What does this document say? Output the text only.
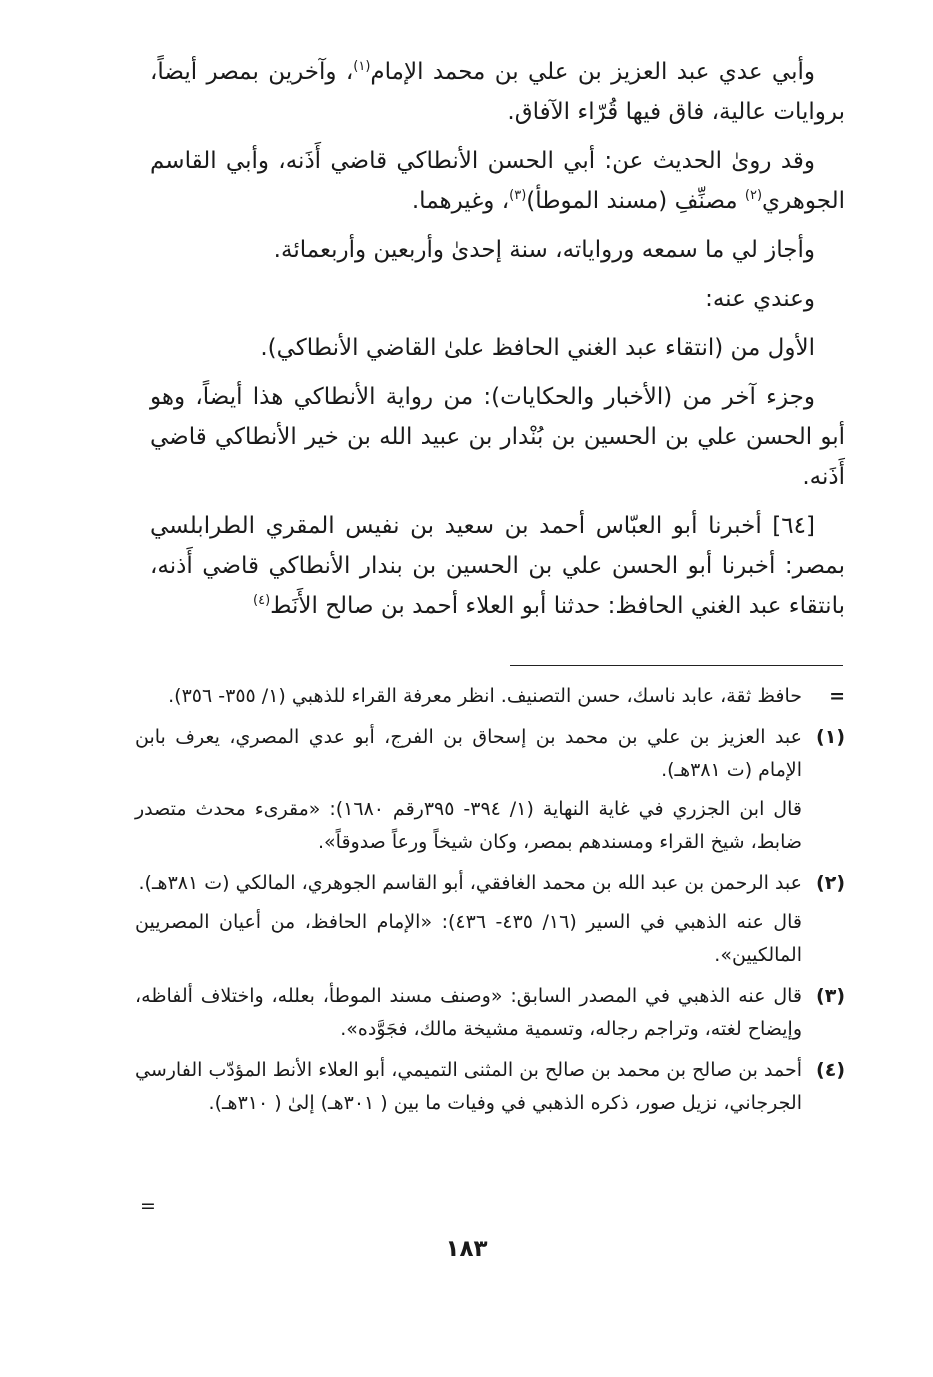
وأبي عدي عبد العزيز بن علي بن محمد الإمام$^{(١)}$، وآخرين بمصر أيضاً، بروايات عالية، فاق فيها قُرّاء الآفاق.

وقد روىٰ الحديث عن: أبي الحسن الأنطاكي قاضي أَذَنه، وأبي القاسم الجوهري$^{(٢)}$ مصنِّفِ (مسند الموطأ)$^{(٣)}$، وغيرهما.

وأجاز لي ما سمعه ورواياته، سنة إحدىٰ وأربعين وأربعمائة.

وعندي عنه:

الأول من (انتقاء عبد الغني الحافظ علىٰ القاضي الأنطاكي).

وجزء آخر من (الأخبار والحكايات): من رواية الأنطاكي هذا أيضاً، وهو أبو الحسن علي بن الحسين بن بُنْدار بن عبيد الله بن خير الأنطاكي قاضي أَذَنه.

[٦٤] أخبرنا أبو العبّاس أحمد بن سعيد بن نفيس المقري الطرابلسي بمصر: أخبرنا أبو الحسن علي بن الحسين بن بندار الأنطاكي قاضي أَذنه، بانتقاء عبد الغني الحافظ: حدثنا أبو العلاء أحمد بن صالح الأَنَط$^{(٤)}$

=

حافظ ثقة، عابد ناسك، حسن التصنيف. انظر معرفة القراء للذهبي (١/ ٣٥٥- ٣٥٦).

(١)

عبد العزيز بن علي بن محمد بن إسحاق بن الفرج، أبو عدي المصري، يعرف بابن الإمام (ت ٣٨١هـ).

قال ابن الجزري في غاية النهاية (١/ ٣٩٤- ٣٩٥رقم ١٦٨٠): «مقرىء محدث متصدر ضابط، شيخ القراء ومسندهم بمصر، وكان شيخاً ورعاً صدوقاً».

(٢)

عبد الرحمن بن عبد الله بن محمد الغافقي، أبو القاسم الجوهري، المالكي (ت ٣٨١هـ).

قال عنه الذهبي في السير (١٦/ ٤٣٥- ٤٣٦): «الإمام الحافظ، من أعيان المصريين المالكيين».

(٣)

قال عنه الذهبي في المصدر السابق: «وصنف مسند الموطأ، بعلله، واختلاف ألفاظه، وإيضاح لغته، وتراجم رجاله، وتسمية مشيخة مالك، فجَوَّده».

(٤)

أحمد بن صالح بن محمد بن صالح بن المثنى التميمي، أبو العلاء الأنط المؤدّب الفارسي الجرجاني، نزيل صور، ذكره الذهبي في وفيات ما بين ( ٣٠١هـ) إلىٰ ( ٣١٠هـ).

=
١٨٣
